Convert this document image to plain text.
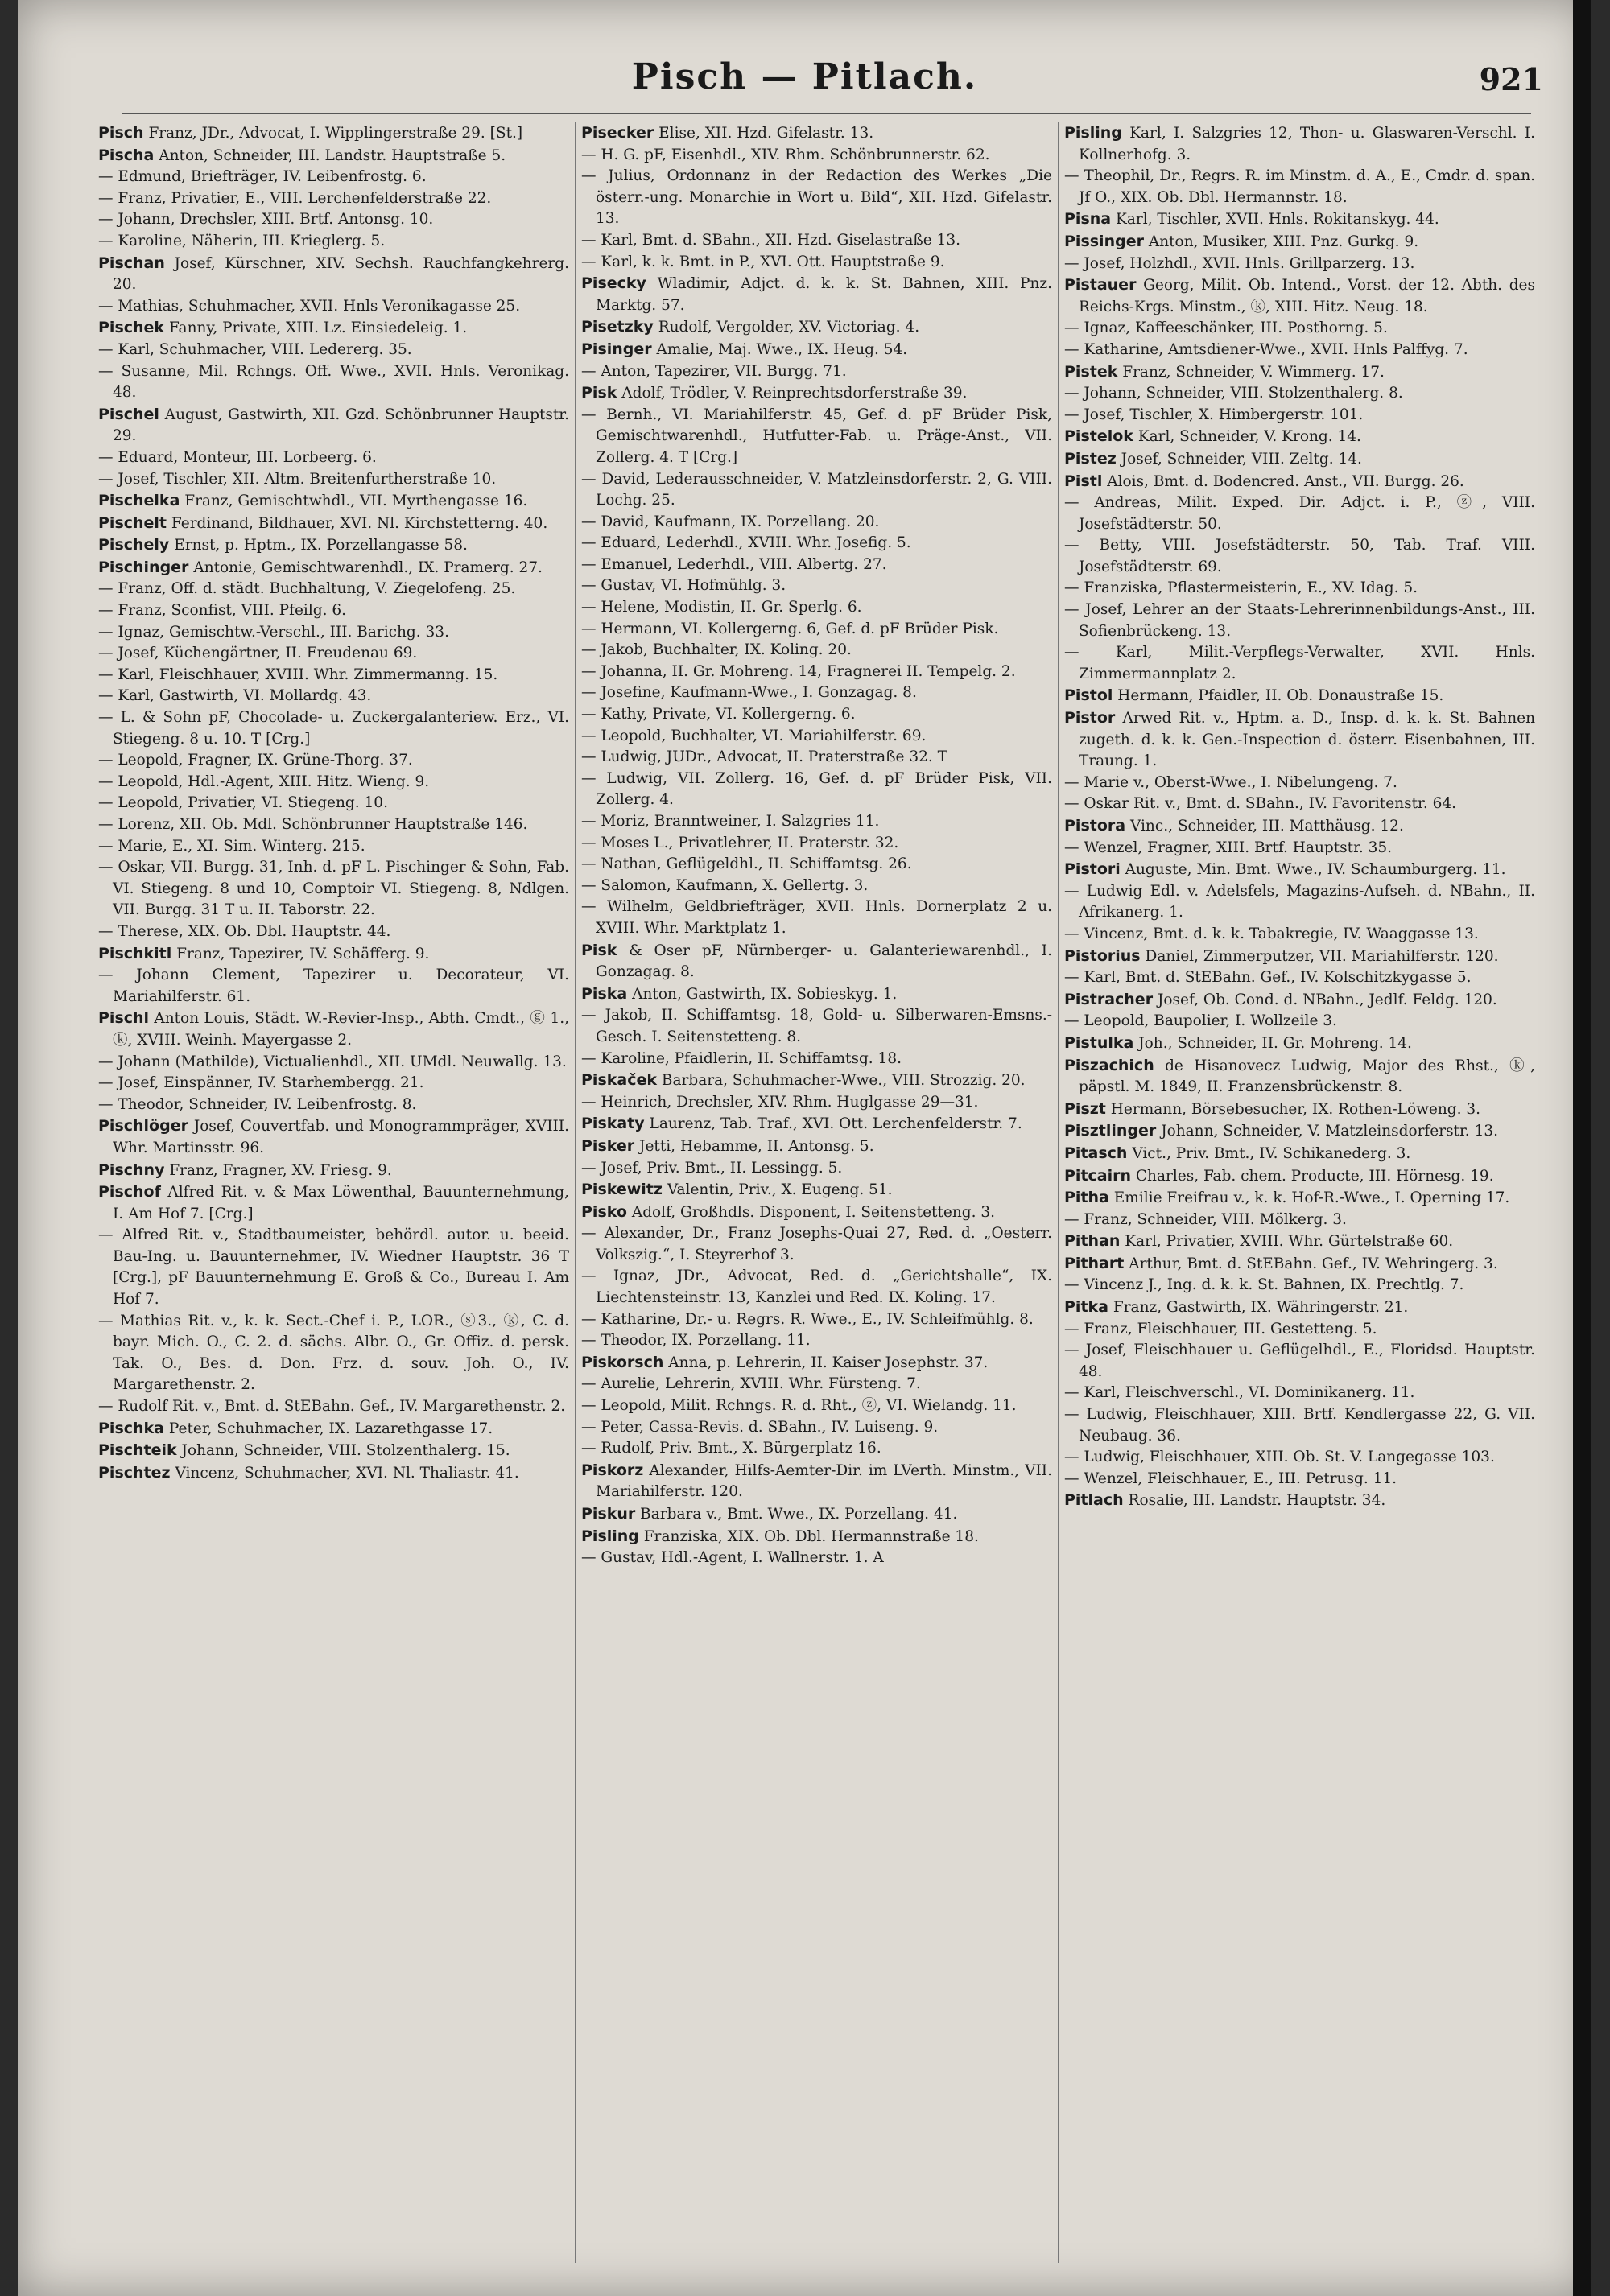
Pisch — Pitlach.	921

Pisch Franz, JDr., Advocat, I. Wipplingerstraße 29. [St.]

Pischa Anton, Schneider, III. Landstr. Hauptstraße 5.

— Edmund, Briefträger, IV. Leibenfrostg. 6.

— Franz, Privatier, E., VIII. Lerchenfelderstraße 22.

— Johann, Drechsler, XIII. Brtf. Antonsg. 10.

— Karoline, Näherin, III. Krieglerg. 5.

Pischan Josef, Kürschner, XIV. Sechsh. Rauchfangkehrerg. 20.

— Mathias, Schuhmacher, XVII. Hnls Veronikagasse 25.

Pischek Fanny, Private, XIII. Lz. Einsiedeleig. 1.

— Karl, Schuhmacher, VIII. Ledererg. 35.

— Susanne, Mil. Rchngs. Off. Wwe., XVII. Hnls. Veronikag. 48.

Pischel August, Gastwirth, XII. Gzd. Schönbrunner Hauptstr. 29.

— Eduard, Monteur, III. Lorbeerg. 6.

— Josef, Tischler, XII. Altm. Breitenfurtherstraße 10.

Pischelka Franz, Gemischtwhdl., VII. Myrthengasse 16.

Pischelt Ferdinand, Bildhauer, XVI. Nl. Kirchstetterng. 40.

Pischely Ernst, p. Hptm., IX. Porzellangasse 58.

Pischinger Antonie, Gemischtwarenhdl., IX. Pramerg. 27.

— Franz, Off. d. städt. Buchhaltung, V. Ziegelofeng. 25.

— Franz, Sconfist, VIII. Pfeilg. 6.

— Ignaz, Gemischtw.-Verschl., III. Barichg. 33.

— Josef, Küchengärtner, II. Freudenau 69.

— Karl, Fleischhauer, XVIII. Whr. Zimmermanng. 15.

— Karl, Gastwirth, VI. Mollardg. 43.

— L. & Sohn pF, Chocolade- u. Zuckergalanteriew. Erz., VI. Stiegeng. 8 u. 10. T [Crg.]

— Leopold, Fragner, IX. Grüne-Thorg. 37.

— Leopold, Hdl.-Agent, XIII. Hitz. Wieng. 9.

— Leopold, Privatier, VI. Stiegeng. 10.

— Lorenz, XII. Ob. Mdl. Schönbrunner Hauptstraße 146.

— Marie, E., XI. Sim. Winterg. 215.

— Oskar, VII. Burgg. 31, Inh. d. pF L. Pischinger & Sohn, Fab. VI. Stiegeng. 8 und 10, Comptoir VI. Stiegeng. 8, Ndlgen. VII. Burgg. 31 T u. II. Taborstr. 22.

— Therese, XIX. Ob. Dbl. Hauptstr. 44.

Pischkitl Franz, Tapezirer, IV. Schäfferg. 9.

— Johann Clement, Tapezirer u. Decorateur, VI. Mariahilferstr. 61.

Pischl Anton Louis, Städt. W.-Revier-Insp., Abth. Cmdt., ⓖ 1., ⓚ, XVIII. Weinh. Mayergasse 2.

— Johann (Mathilde), Victualienhdl., XII. UMdl. Neuwallg. 13.

— Josef, Einspänner, IV. Starhembergg. 21.

— Theodor, Schneider, IV. Leibenfrostg. 8.

Pischlöger Josef, Couvertfab. und Monogrammpräger, XVIII. Whr. Martinsstr. 96.

Pischny Franz, Fragner, XV. Friesg. 9.

Pischof Alfred Rit. v. & Max Löwenthal, Bauunternehmung, I. Am Hof 7. [Crg.]

— Alfred Rit. v., Stadtbaumeister, behördl. autor. u. beeid. Bau-Ing. u. Bauunternehmer, IV. Wiedner Hauptstr. 36 T [Crg.], pF Bauunternehmung E. Groß & Co., Bureau I. Am Hof 7.

— Mathias Rit. v., k. k. Sect.-Chef i. P., LOR., ⓢ3., ⓚ, C. d. bayr. Mich. O., C. 2. d. sächs. Albr. O., Gr. Offiz. d. persk. Tak. O., Bes. d. Don. Frz. d. souv. Joh. O., IV. Margarethenstr. 2.

— Rudolf Rit. v., Bmt. d. StEBahn. Gef., IV. Margarethenstr. 2.

Pischka Peter, Schuhmacher, IX. Lazarethgasse 17.

Pischteik Johann, Schneider, VIII. Stolzenthalerg. 15.

Pischtez Vincenz, Schuhmacher, XVI. Nl. Thaliastr. 41.

Pisecker Elise, XII. Hzd. Gifelastr. 13.

— H. G. pF, Eisenhdl., XIV. Rhm. Schönbrunnerstr. 62.

— Julius, Ordonnanz in der Redaction des Werkes „Die österr.-ung. Monarchie in Wort u. Bild“, XII. Hzd. Gifelastr. 13.

— Karl, Bmt. d. SBahn., XII. Hzd. Giselastraße 13.

— Karl, k. k. Bmt. in P., XVI. Ott. Hauptstraße 9.

Pisecky Wladimir, Adjct. d. k. k. St. Bahnen, XIII. Pnz. Marktg. 57.

Pisetzky Rudolf, Vergolder, XV. Victoriag. 4.

Pisinger Amalie, Maj. Wwe., IX. Heug. 54.

— Anton, Tapezirer, VII. Burgg. 71.

Pisk Adolf, Trödler, V. Reinprechtsdorferstraße 39.

— Bernh., VI. Mariahilferstr. 45, Gef. d. pF Brüder Pisk, Gemischtwarenhdl., Hutfutter-Fab. u. Präge-Anst., VII. Zollerg. 4. T [Crg.]

— David, Lederausschneider, V. Matzleinsdorferstr. 2, G. VIII. Lochg. 25.

— David, Kaufmann, IX. Porzellang. 20.

— Eduard, Lederhdl., XVIII. Whr. Josefig. 5.

— Emanuel, Lederhdl., VIII. Albertg. 27.

— Gustav, VI. Hofmühlg. 3.

— Helene, Modistin, II. Gr. Sperlg. 6.

— Hermann, VI. Kollergerng. 6, Gef. d. pF Brüder Pisk.

— Jakob, Buchhalter, IX. Koling. 20.

— Johanna, II. Gr. Mohreng. 14, Fragnerei II. Tempelg. 2.

— Josefine, Kaufmann-Wwe., I. Gonzagag. 8.

— Kathy, Private, VI. Kollergerng. 6.

— Leopold, Buchhalter, VI. Mariahilferstr. 69.

— Ludwig, JUDr., Advocat, II. Praterstraße 32. T

— Ludwig, VII. Zollerg. 16, Gef. d. pF Brüder Pisk, VII. Zollerg. 4.

— Moriz, Branntweiner, I. Salzgries 11.

— Moses L., Privatlehrer, II. Praterstr. 32.

— Nathan, Geflügeldhl., II. Schiffamtsg. 26.

— Salomon, Kaufmann, X. Gellertg. 3.

— Wilhelm, Geldbriefträger, XVII. Hnls. Dornerplatz 2 u. XVIII. Whr. Marktplatz 1.

Pisk & Oser pF, Nürnberger- u. Galanteriewarenhdl., I. Gonzagag. 8.

Piska Anton, Gastwirth, IX. Sobieskyg. 1.

— Jakob, II. Schiffamtsg. 18, Gold- u. Silberwaren-Emsns.-Gesch. I. Seitenstetteng. 8.

— Karoline, Pfaidlerin, II. Schiffamtsg. 18.

Piskaček Barbara, Schuhmacher-Wwe., VIII. Strozzig. 20.

— Heinrich, Drechsler, XIV. Rhm. Huglgasse 29—31.

Piskaty Laurenz, Tab. Traf., XVI. Ott. Lerchenfelderstr. 7.

Pisker Jetti, Hebamme, II. Antonsg. 5.

— Josef, Priv. Bmt., II. Lessingg. 5.

Piskewitz Valentin, Priv., X. Eugeng. 51.

Pisko Adolf, Großhdls. Disponent, I. Seitenstetteng. 3.

— Alexander, Dr., Franz Josephs-Quai 27, Red. d. „Oesterr. Volkszig.“, I. Steyrerhof 3.

— Ignaz, JDr., Advocat, Red. d. „Gerichtshalle“, IX. Liechtensteinstr. 13, Kanzlei und Red. IX. Koling. 17.

— Katharine, Dr.- u. Regrs. R. Wwe., E., IV. Schleifmühlg. 8.

— Theodor, IX. Porzellang. 11.

Piskorsch Anna, p. Lehrerin, II. Kaiser Josephstr. 37.

— Aurelie, Lehrerin, XVIII. Whr. Fürsteng. 7.

— Leopold, Milit. Rchngs. R. d. Rht., ⓩ, VI. Wielandg. 11.

— Peter, Cassa-Revis. d. SBahn., IV. Luiseng. 9.

— Rudolf, Priv. Bmt., X. Bürgerplatz 16.

Piskorz Alexander, Hilfs-Aemter-Dir. im LVerth. Minstm., VII. Mariahilferstr. 120.

Piskur Barbara v., Bmt. Wwe., IX. Porzellang. 41.

Pisling Franziska, XIX. Ob. Dbl. Hermannstraße 18.

— Gustav, Hdl.-Agent, I. Wallnerstr. 1. A

Pisling Karl, I. Salzgries 12, Thon- u. Glaswaren-Verschl. I. Kollnerhofg. 3.

— Theophil, Dr., Regrs. R. im Minstm. d. A., E., Cmdr. d. span. Jf O., XIX. Ob. Dbl. Hermannstr. 18.

Pisna Karl, Tischler, XVII. Hnls. Rokitanskyg. 44.

Pissinger Anton, Musiker, XIII. Pnz. Gurkg. 9.

— Josef, Holzhdl., XVII. Hnls. Grillparzerg. 13.

Pistauer Georg, Milit. Ob. Intend., Vorst. der 12. Abth. des Reichs-Krgs. Minstm., ⓚ, XIII. Hitz. Neug. 18.

— Ignaz, Kaffeeschänker, III. Posthorng. 5.

— Katharine, Amtsdiener-Wwe., XVII. Hnls Palffyg. 7.

Pistek Franz, Schneider, V. Wimmerg. 17.

— Johann, Schneider, VIII. Stolzenthalerg. 8.

— Josef, Tischler, X. Himbergerstr. 101.

Pistelok Karl, Schneider, V. Krong. 14.

Pistez Josef, Schneider, VIII. Zeltg. 14.

Pistl Alois, Bmt. d. Bodencred. Anst., VII. Burgg. 26.

— Andreas, Milit. Exped. Dir. Adjct. i. P., ⓩ, VIII. Josefstädterstr. 50.

— Betty, VIII. Josefstädterstr. 50, Tab. Traf. VIII. Josefstädterstr. 69.

— Franziska, Pflastermeisterin, E., XV. Idag. 5.

— Josef, Lehrer an der Staats-Lehrerinnenbildungs-Anst., III. Sofienbrückeng. 13.

— Karl, Milit.-Verpflegs-Verwalter, XVII. Hnls. Zimmermannplatz 2.

Pistol Hermann, Pfaidler, II. Ob. Donaustraße 15.

Pistor Arwed Rit. v., Hptm. a. D., Insp. d. k. k. St. Bahnen zugeth. d. k. k. Gen.-Inspection d. österr. Eisenbahnen, III. Traung. 1.

— Marie v., Oberst-Wwe., I. Nibelungeng. 7.

— Oskar Rit. v., Bmt. d. SBahn., IV. Favoritenstr. 64.

Pistora Vinc., Schneider, III. Matthäusg. 12.

— Wenzel, Fragner, XIII. Brtf. Hauptstr. 35.

Pistori Auguste, Min. Bmt. Wwe., IV. Schaumburgerg. 11.

— Ludwig Edl. v. Adelsfels, Magazins-Aufseh. d. NBahn., II. Afrikanerg. 1.

— Vincenz, Bmt. d. k. k. Tabakregie, IV. Waaggasse 13.

Pistorius Daniel, Zimmerputzer, VII. Mariahilferstr. 120.

— Karl, Bmt. d. StEBahn. Gef., IV. Kolschitzkygasse 5.

Pistracher Josef, Ob. Cond. d. NBahn., Jedlf. Feldg. 120.

— Leopold, Baupolier, I. Wollzeile 3.

Pistulka Joh., Schneider, II. Gr. Mohreng. 14.

Piszachich de Hisanovecz Ludwig, Major des Rhst., ⓚ, päpstl. M. 1849, II. Franzensbrückenstr. 8.

Piszt Hermann, Börsebesucher, IX. Rothen-Löweng. 3.

Pisztlinger Johann, Schneider, V. Matzleinsdorferstr. 13.

Pitasch Vict., Priv. Bmt., IV. Schikanederg. 3.

Pitcairn Charles, Fab. chem. Producte, III. Hörnesg. 19.

Pitha Emilie Freifrau v., k. k. Hof-R.-Wwe., I. Operning 17.

— Franz, Schneider, VIII. Mölkerg. 3.

Pithan Karl, Privatier, XVIII. Whr. Gürtelstraße 60.

Pithart Arthur, Bmt. d. StEBahn. Gef., IV. Wehringerg. 3.

— Vincenz J., Ing. d. k. k. St. Bahnen, IX. Prechtlg. 7.

Pitka Franz, Gastwirth, IX. Währingerstr. 21.

— Franz, Fleischhauer, III. Gestetteng. 5.

— Josef, Fleischhauer u. Geflügelhdl., E., Floridsd. Hauptstr. 48.

— Karl, Fleischverschl., VI. Dominikanerg. 11.

— Ludwig, Fleischhauer, XIII. Brtf. Kendlergasse 22, G. VII. Neubaug. 36.

— Ludwig, Fleischhauer, XIII. Ob. St. V. Langegasse 103.

— Wenzel, Fleischhauer, E., III. Petrusg. 11.

Pitlach Rosalie, III. Landstr. Hauptstr. 34.
